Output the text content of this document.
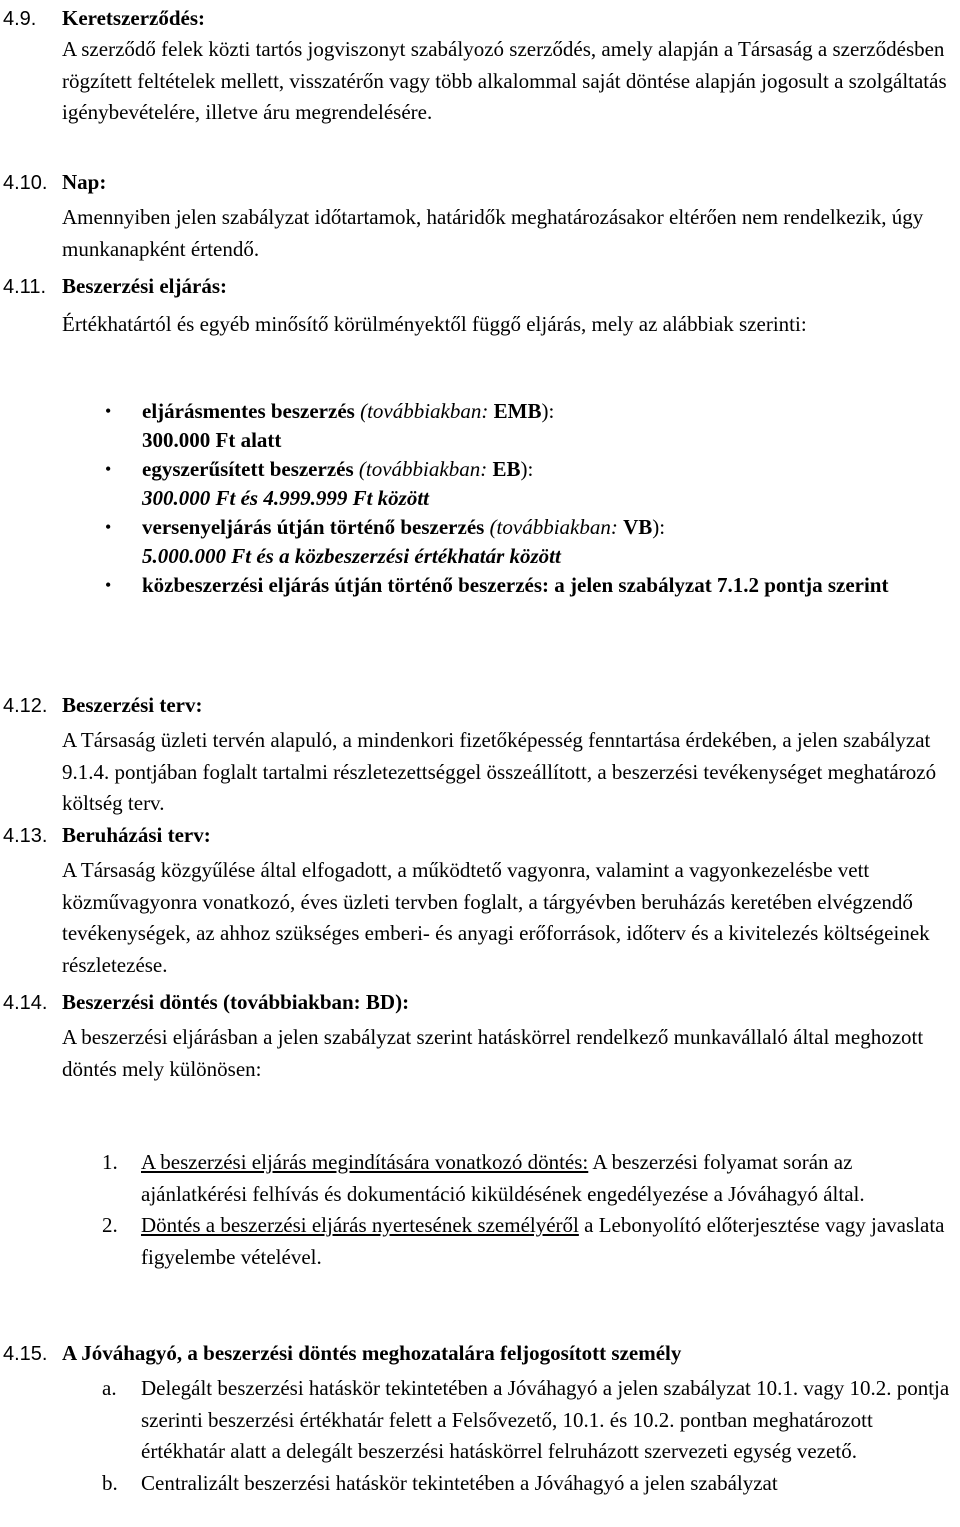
4.9.	Keretszerződés:

A szerződő felek közti tartós jogviszonyt szabályozó szerződés, amely alapján a Társaság a szerződésben rögzített feltételek mellett, visszatérőn vagy több alkalommal saját döntése alapján jogosult a szolgáltatás igénybevételére, illetve áru megrendelésére.

4.10. Nap:

Amennyiben jelen szabályzat időtartamok, határidők meghatározásakor eltérően nem rendelkezik, úgy munkanapként értendő.

4.11. Beszerzési eljárás:

Értékhatártól és egyéb minősítő körülményektől függő eljárás, mely az alábbiak szerinti:

• eljárásmentes beszerzés (továbbiakban: EMB):
300.000 Ft alatt
• egyszerűsített beszerzés (továbbiakban: EB):
300.000 Ft és 4.999.999 Ft között
• versenyeljárás útján történő beszerzés (továbbiakban: VB):
5.000.000 Ft és a közbeszerzési értékhatár között
• közbeszerzési eljárás útján történő beszerzés: a jelen szabályzat 7.1.2 pontja szerint
4.12. Beszerzési terv:

A Társaság üzleti tervén alapuló, a mindenkori fizetőképesség fenntartása érdekében, a jelen szabályzat 9.1.4. pontjában foglalt tartalmi részletezettséggel összeállított, a beszerzési tevékenységet meghatározó költség terv.

4.13. Beruházási terv:

A Társaság közgyűlése által elfogadott, a működtető vagyonra, valamint a vagyonkezelésbe vett közművagyonra vonatkozó, éves üzleti tervben foglalt, a tárgyévben beruházás keretében elvégzendő tevékenységek, az ahhoz szükséges emberi- és anyagi erőforrások, időterv és a kivitelezés költségeinek részletezése.

4.14. Beszerzési döntés (továbbiakban: BD):

A beszerzési eljárásban a jelen szabályzat szerint hatáskörrel rendelkező munkavállaló által meghozott döntés mely különösen:

1. A beszerzési eljárás megindítására vonatkozó döntés: A beszerzési folyamat során az ajánlatkérési felhívás és dokumentáció kiküldésének engedélyezése a Jóváhagyó által.
2. Döntés a beszerzési eljárás nyertesének személyéről a Lebonyolító előterjesztése vagy javaslata figyelembe vételével.
4.15. A Jóváhagyó, a beszerzési döntés meghozatalára feljogosított személy
a. Delegált beszerzési hatáskör tekintetében a Jóváhagyó a jelen szabályzat 10.1. vagy 10.2. pontja szerinti beszerzési értékhatár felett a Felsővezető, 10.1. és 10.2. pontban meghatározott értékhatár alatt a delegált beszerzési hatáskörrel felruházott szervezeti egység vezető.
b. Centralizált beszerzési hatáskör tekintetében a Jóváhagyó a jelen szabályzat
